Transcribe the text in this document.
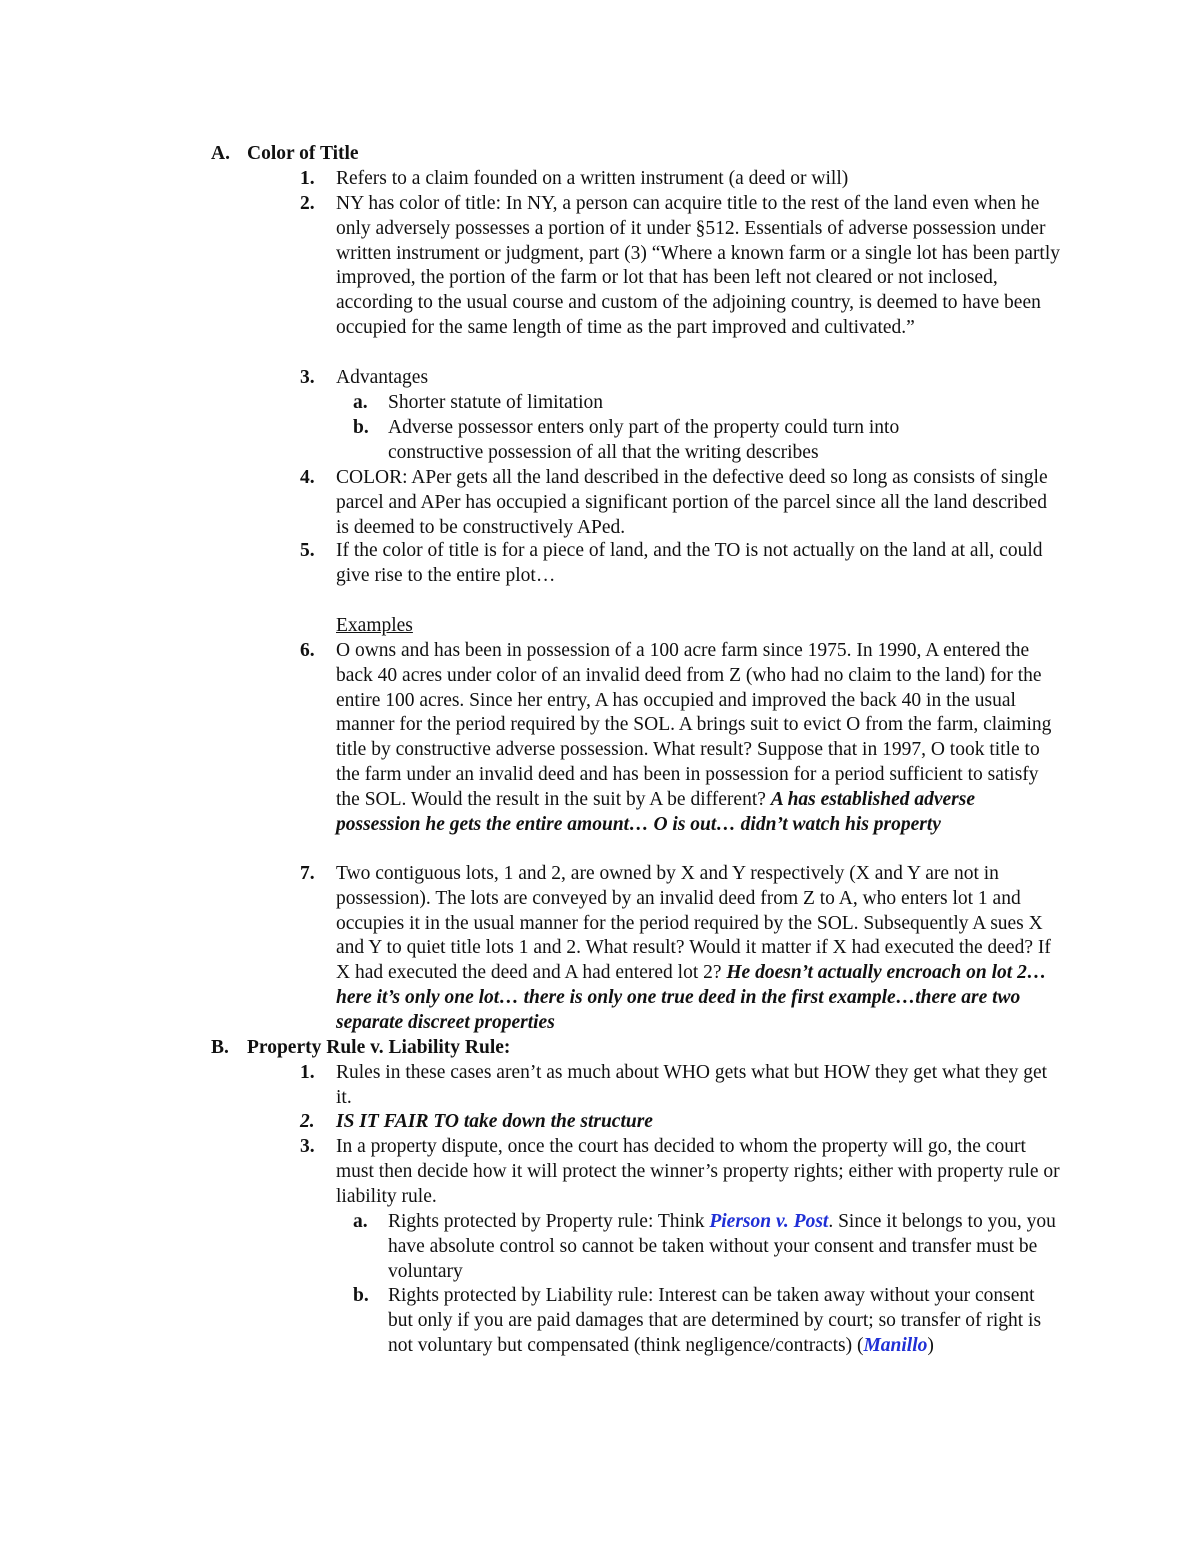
A. Color of Title
1. Refers to a claim founded on a written instrument (a deed or will)
2. NY has color of title: In NY, a person can acquire title to the rest of the land even when he only adversely possesses a portion of it under §512. Essentials of adverse possession under written instrument or judgment, part (3) “Where a known farm or a single lot has been partly improved, the portion of the farm or lot that has been left not cleared or not inclosed, according to the usual course and custom of the adjoining country, is deemed to have been occupied for the same length of time as the part improved and cultivated.”
3. Advantages
a. Shorter statute of limitation
b. Adverse possessor enters only part of the property could turn into constructive possession of all that the writing describes
4. COLOR: APer gets all the land described in the defective deed so long as consists of single parcel and APer has occupied a significant portion of the parcel since all the land described is deemed to be constructively APed.
5. If the color of title is for a piece of land, and the TO is not actually on the land at all, could give rise to the entire plot…
Examples
6. O owns and has been in possession of a 100 acre farm since 1975. In 1990, A entered the back 40 acres under color of an invalid deed from Z (who had no claim to the land) for the entire 100 acres. Since her entry, A has occupied and improved the back 40 in the usual manner for the period required by the SOL. A brings suit to evict O from the farm, claiming title by constructive adverse possession. What result? Suppose that in 1997, O took title to the farm under an invalid deed and has been in possession for a period sufficient to satisfy the SOL. Would the result in the suit by A be different? A has established adverse possession he gets the entire amount… O is out… didn’t watch his property
7. Two contiguous lots, 1 and 2, are owned by X and Y respectively (X and Y are not in possession). The lots are conveyed by an invalid deed from Z to A, who enters lot 1 and occupies it in the usual manner for the period required by the SOL. Subsequently A sues X and Y to quiet title lots 1 and 2. What result? Would it matter if X had executed the deed? If X had executed the deed and A had entered lot 2? He doesn’t actually encroach on lot 2… here it’s only one lot… there is only one true deed in the first example…there are two separate discreet properties
B. Property Rule v. Liability Rule:
1. Rules in these cases aren’t as much about WHO gets what but HOW they get what they get it.
2. IS IT FAIR TO take down the structure
3. In a property dispute, once the court has decided to whom the property will go, the court must then decide how it will protect the winner’s property rights; either with property rule or liability rule.
a. Rights protected by Property rule: Think Pierson v. Post. Since it belongs to you, you have absolute control so cannot be taken without your consent and transfer must be voluntary
b. Rights protected by Liability rule: Interest can be taken away without your consent but only if you are paid damages that are determined by court; so transfer of right is not voluntary but compensated (think negligence/contracts) (Manillo)
